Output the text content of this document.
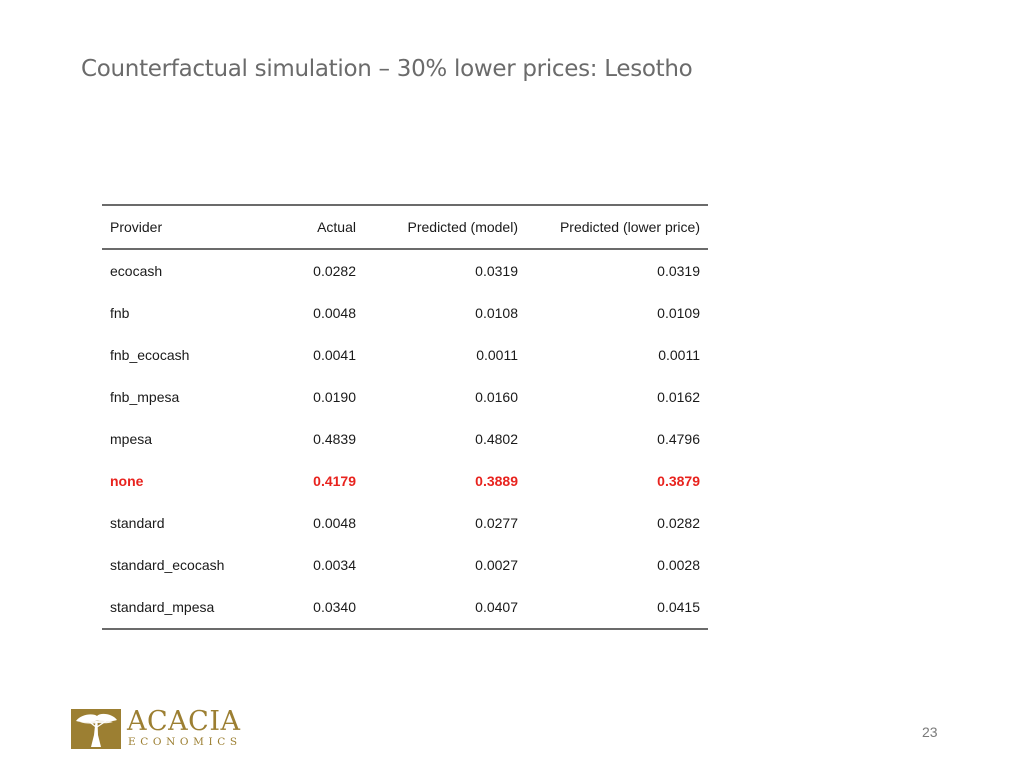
Counterfactual simulation – 30% lower prices: Lesotho
Provider	Actual	Predicted (model)	Predicted (lower price)
ecocash	0.0282	0.0319	0.0319
fnb	0.0048	0.0108	0.0109
fnb_ecocash	0.0041	0.0011	0.0011
fnb_mpesa	0.0190	0.0160	0.0162
mpesa	0.4839	0.4802	0.4796
none	0.4179	0.3889	0.3879
standard	0.0048	0.0277	0.0282
standard_ecocash	0.0034	0.0027	0.0028
standard_mpesa	0.0340	0.0407	0.0415
ACACIA
ECONOMICS
23
